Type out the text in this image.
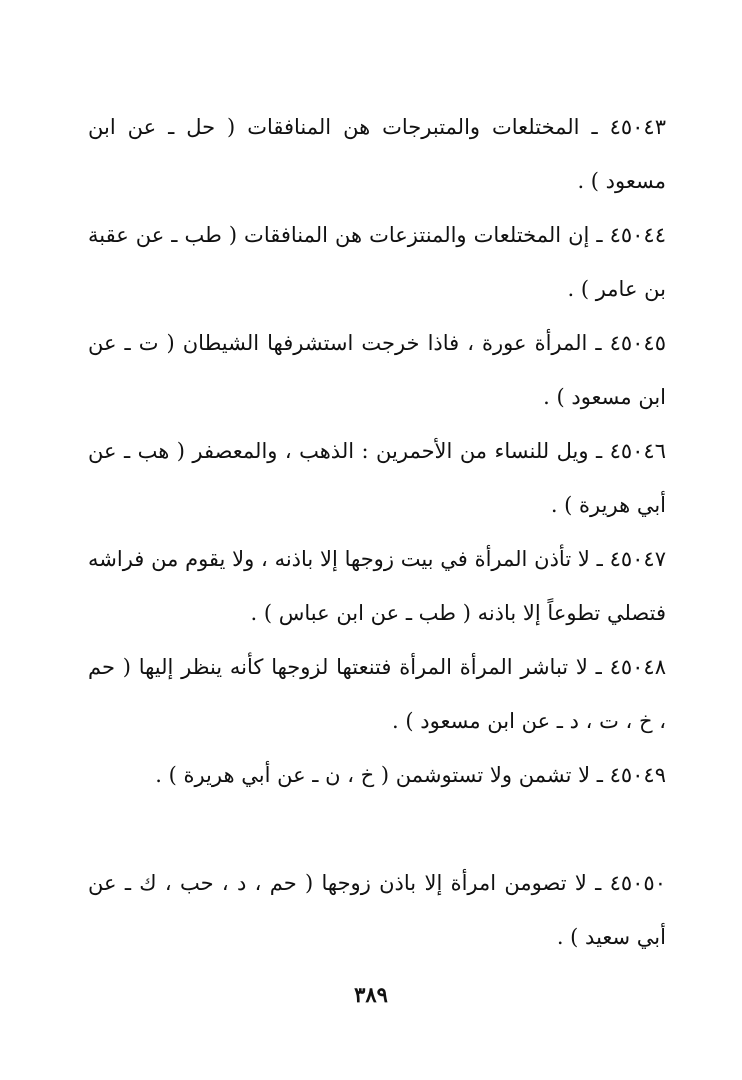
٤٥٠٤٣ ـ المختلعات والمتبرجات هن المنافقات ( حل ـ عن ابن مسعود ) .

٤٥٠٤٤ ـ إن المختلعات والمنتزعات هن المنافقات ( طب ـ عن عقبة بن عامر ) .

٤٥٠٤٥ ـ المرأة عورة ، فاذا خرجت استشرفها الشيطان ( ت ـ عن ابن مسعود ) .

٤٥٠٤٦ ـ ويل للنساء من الأحمرين : الذهب ، والمعصفر ( هب ـ عن أبي هريرة ) .

٤٥٠٤٧ ـ لا تأذن المرأة في بيت زوجها إلا باذنه ، ولا يقوم من فراشه فتصلي تطوعاً إلا باذنه ( طب ـ عن ابن عباس ) .

٤٥٠٤٨ ـ لا تباشر المرأة المرأة فتنعتها لزوجها كأنه ينظر إليها ( حم ، خ ، ت ، د ـ عن ابن مسعود ) .

٤٥٠٤٩ ـ لا تشمن ولا تستوشمن ( خ ، ن ـ عن أبي هريرة ) .

٤٥٠٥٠ ـ لا تصومن امرأة إلا باذن زوجها ( حم ، د ، حب ، ك ـ عن أبي سعيد ) .

٣٨٩
